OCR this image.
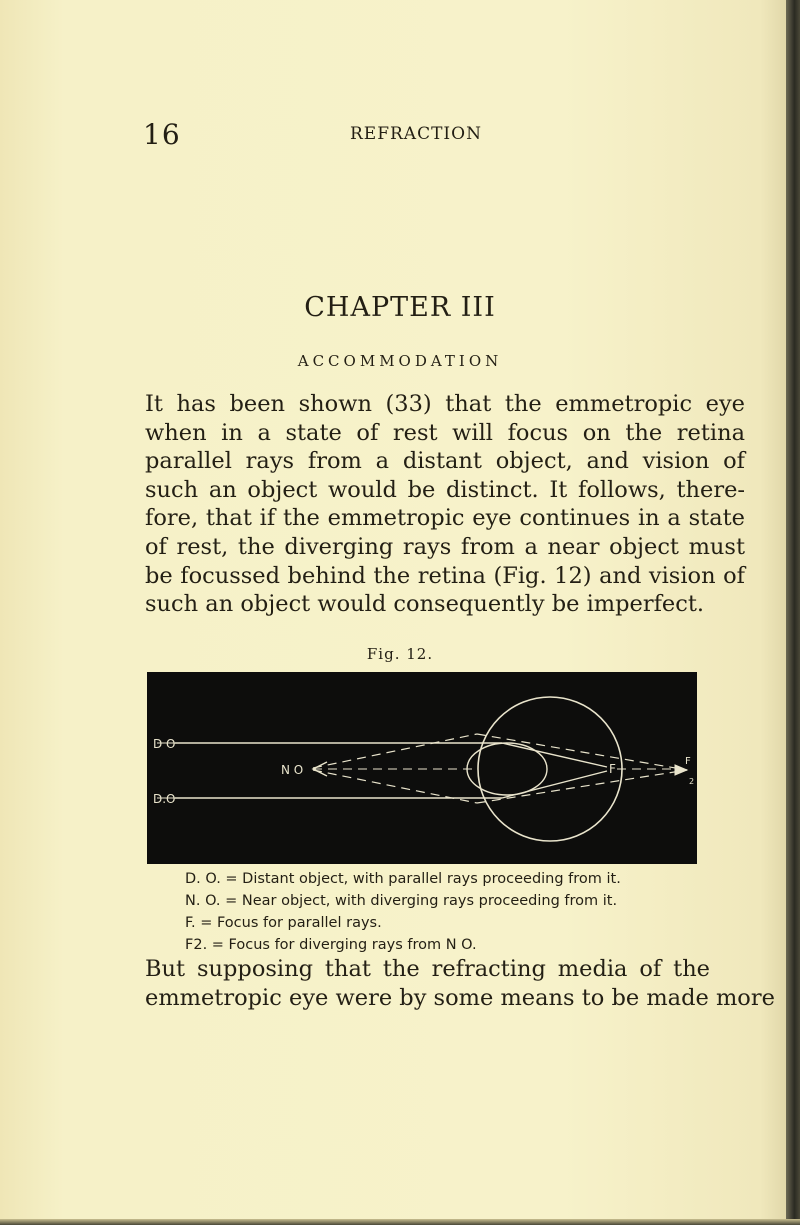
16	REFRACTION
CHAPTER III
ACCOMMODATION
It has been shown (33) that the emmetropic eye
when in a state of rest will focus on the retina
parallel rays from a distant object, and vision of
such an object would be distinct. It follows, there-
fore, that if the emmetropic eye continues in a state
of rest, the diverging rays from a near object must
be focussed behind the retina (Fig. 12) and vision of
such an object would consequently be imperfect.
Fig. 12.
D O
D.O
N O	F
F
2
D. O. = Distant object, with parallel rays proceeding from it.
N. O. = Near object, with diverging rays proceeding from it.
F. = Focus for parallel rays.
F2. = Focus for diverging rays from N O.
But supposing that the refracting media of the
emmetropic eye were by some means to be made more
